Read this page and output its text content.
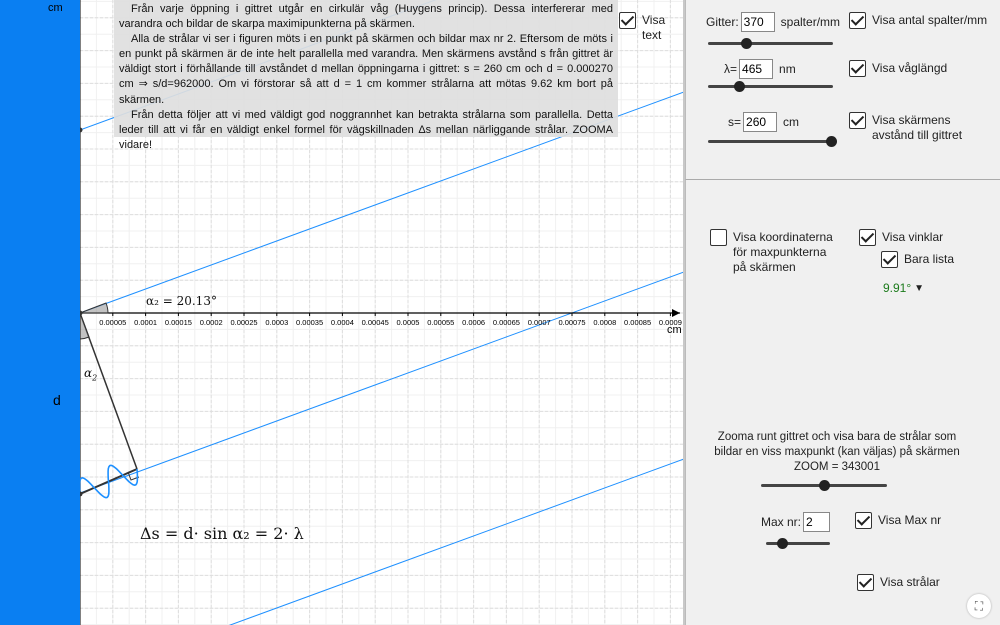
0.00005 0.0001 0.00015 0.0002 0.00025 0.0003 0.00035 0.0004 0.00045 0.0005 0.00055 0.0006 0.00065 0.0007 0.00075 0.0008 0.00085 0.0009
cm
cm
d
$\alpha_2$
α₂ = 20.13°
Δs = d· sin α₂ = 2· λ

Från varje öppning i gittret utgår en cirkulär våg (Huygens princip). Dessa interfererar med varandra och bildar de skarpa maximipunkterna på skärmen.

Alla de strålar vi ser i figuren möts i en punkt på skärmen och bildar max nr 2. Eftersom de möts i en punkt på skärmen är de inte helt parallella med varandra. Men skärmens avstånd s från gittret är väldigt stort i förhållande till avståndet d mellan öppningarna i gittret: s = 260 cm och d = 0.000270 cm ⇒ s/d=962000. Om vi förstorar så att d = 1 cm kommer strålarna att mötas 9.62 km bort på skärmen.

Från detta följer att vi med väldigt god noggrannhet kan betrakta strålarna som parallella. Detta leder till att vi får en väldigt enkel formel för vägskillnaden Δs mellan närliggande strålar. ZOOMA vidare!

Visa text
Gitter:
370	spalter/mm	Visa antal spalter/mm
λ=
465	nm	Visa våglängd
s=
260	cm	Visa skärmens avstånd till gittret
Visa koordinaterna för maxpunkterna på skärmen
Visa vinklar
Bara lista
9.91° ▼
Zooma runt gittret och visa bara de strålar som bildar en viss maxpunkt (kan väljas) på skärmen
ZOOM = 343001
Max nr:
2	Visa Max nr
Visa strålar
⛶
